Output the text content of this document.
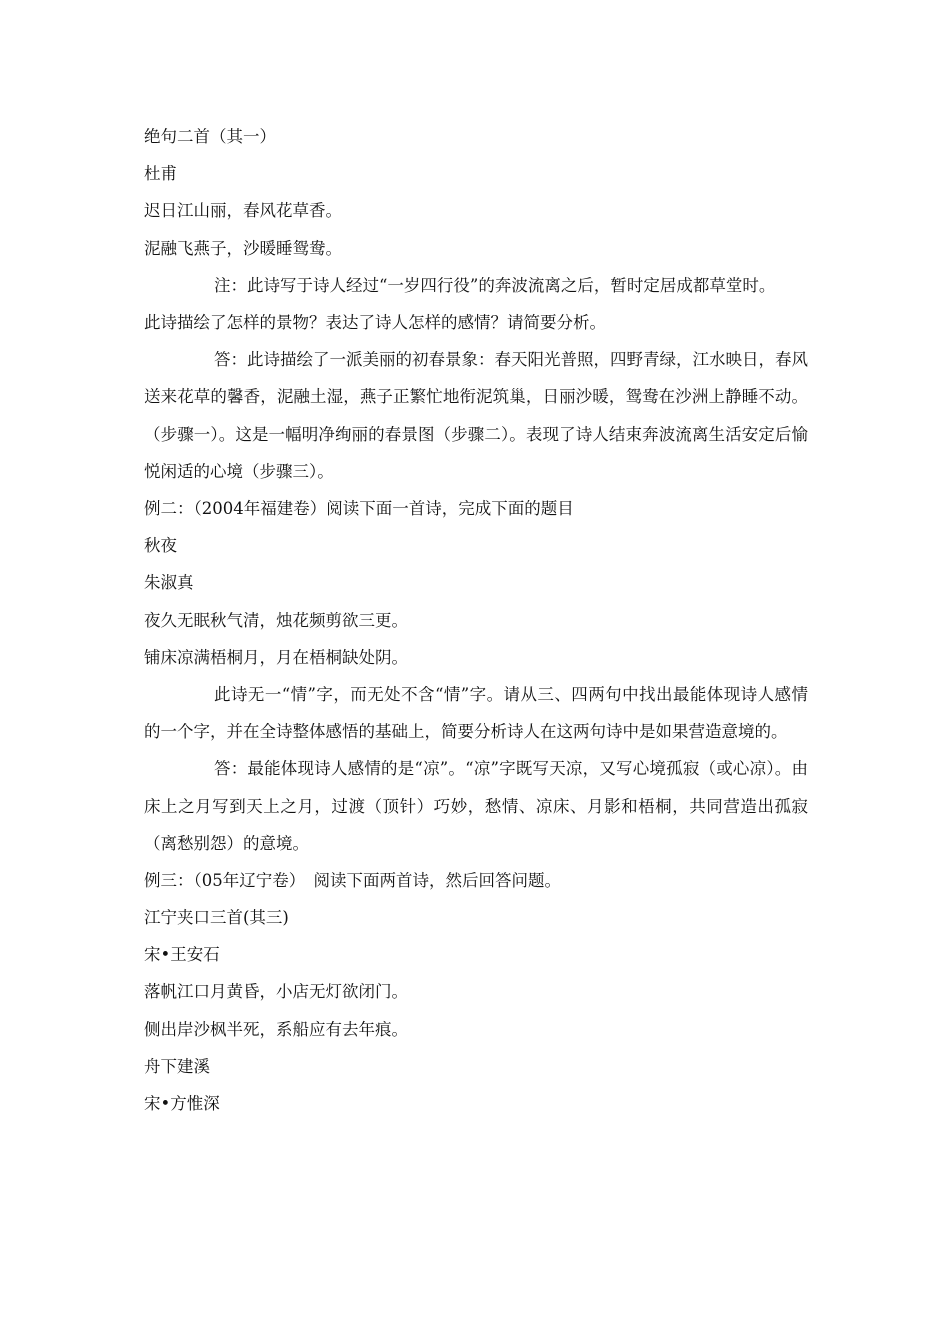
绝句二首（其一）
杜甫
迟日江山丽，春风花草香。
泥融飞燕子，沙暖睡鸳鸯。

注：此诗写于诗人经过“一岁四行役”的奔波流离之后，暂时定居成都草堂时。

此诗描绘了怎样的景物？表达了诗人怎样的感情？请简要分析。

答：此诗描绘了一派美丽的初春景象：春天阳光普照，四野青绿，江水映日，春风送来花草的馨香，泥融土湿，燕子正繁忙地衔泥筑巢，日丽沙暖，鸳鸯在沙洲上静睡不动。（步骤一）。这是一幅明净绚丽的春景图（步骤二）。表现了诗人结束奔波流离生活安定后愉悦闲适的心境（步骤三）。

例二：（2004年福建卷）阅读下面一首诗，完成下面的题目
秋夜
朱淑真
夜久无眠秋气清，烛花频剪欲三更。
铺床凉满梧桐月，月在梧桐缺处阴。

此诗无一“情”字，而无处不含“情”字。请从三、四两句中找出最能体现诗人感情的一个字，并在全诗整体感悟的基础上，简要分析诗人在这两句诗中是如果营造意境的。

答：最能体现诗人感情的是“凉”。“凉”字既写天凉，又写心境孤寂（或心凉）。由床上之月写到天上之月，过渡（顶针）巧妙，愁情、凉床、月影和梧桐，共同营造出孤寂（离愁别怨）的意境。

例三：（05年辽宁卷）　阅读下面两首诗，然后回答问题。
江宁夹口三首(其三)
宋•王安石
落帆江口月黄昏，小店无灯欲闭门。
侧出岸沙枫半死，系船应有去年痕。
舟下建溪
宋•方惟深
